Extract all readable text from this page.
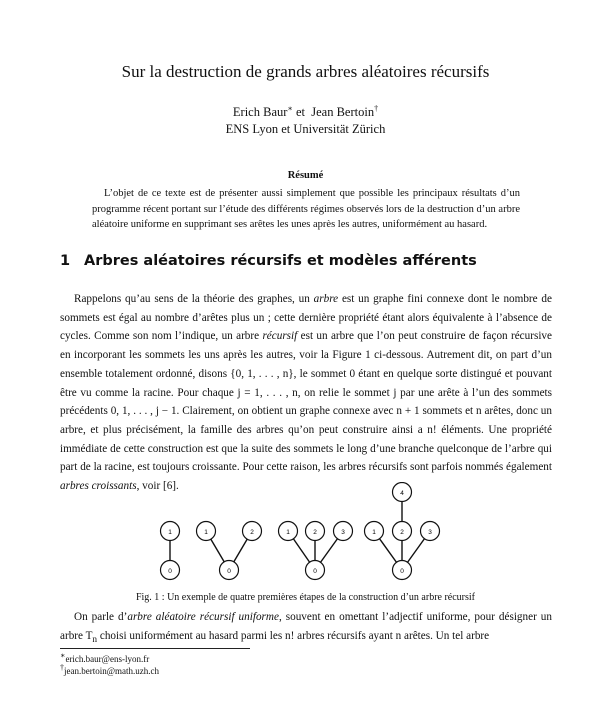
Sur la destruction de grands arbres aléatoires récursifs
Erich Baur∗ et Jean Bertoin†
ENS Lyon et Universität Zürich
Résumé

L’objet de ce texte est de présenter aussi simplement que possible les principaux résultats d’un programme récent portant sur l’étude des différents régimes observés lors de la destruction d’un arbre aléatoire uniforme en supprimant ses arêtes les unes après les autres, uniformément au hasard.

1 Arbres aléatoires récursifs et modèles afférents

Rappelons qu’au sens de la théorie des graphes, un arbre est un graphe fini connexe dont le nombre de sommets est égal au nombre d’arêtes plus un ; cette dernière propriété étant alors équivalente à l’absence de cycles. Comme son nom l’indique, un arbre récursif est un arbre que l’on peut construire de façon récursive en incorporant les sommets les uns après les autres, voir la Figure 1 ci-dessous. Autrement dit, on part d’un ensemble totalement ordonné, disons {0, 1, . . . , n}, le sommet 0 étant en quelque sorte distingué et pouvant être vu comme la racine. Pour chaque j = 1, . . . , n, on relie le sommet j par une arête à l’un des sommets précédents 0, 1, . . . , j − 1. Clairement, on obtient un graphe connexe avec n + 1 sommets et n arêtes, donc un arbre, et plus précisément, la famille des arbres qu’on peut construire ainsi a n! éléments. Une propriété immédiate de cette construction est que la suite des sommets le long d’une branche quelconque de l’arbre qui part de la racine, est toujours croissante. Pour cette raison, les arbres récursifs sont parfois nommés également arbres croissants, voir [6].

1
0
1	2
0
1	2	3
0
4
1	2	3
0
Fig. 1 : Un exemple de quatre premières étapes de la construction d’un arbre récursif

On parle d’arbre aléatoire récursif uniforme, souvent en omettant l’adjectif uniforme, pour désigner un arbre $T_n$ choisi uniformément au hasard parmi les n! arbres récursifs ayant n arêtes. Un tel arbre

∗erich.baur@ens-lyon.fr
†jean.bertoin@math.uzh.ch
